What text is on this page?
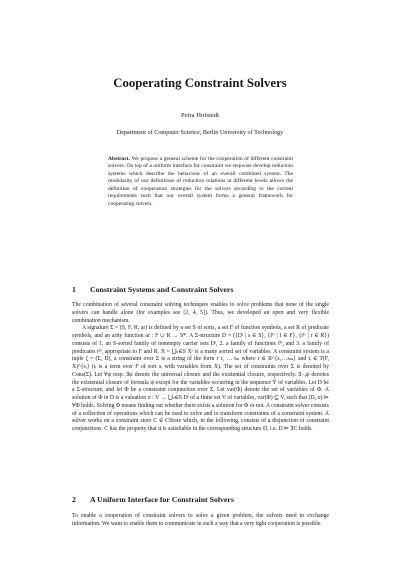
Cooperating Constraint Solvers
Petra Hofstedt
Department of Computer Science, Berlin University of Technology
Abstract. We propose a general scheme for the cooperation of different constraint solvers. On top of a uniform interface for constraint we stepwise develop reduction systems which describe the behaviour of an overall combined system. The modularity of our definitions of reduction relations at different levels allows the definition of cooperation strategies for the solvers according to the current requirements such that our overall system forms a general framework for cooperating solvers.
1 Constraint Systems and Constraint Solvers

The combination of several constraint solving techniques enables to solve problems that none of the single solvers can handle alone (for examples see [2, 4, 5]). Thus, we developed an open and very flexible combination mechanism.

A signature Σ = (S, F, R; ar) is defined by a set S of sorts, a set F of function symbols, a set R of predicate symbols, and an arity function ar : F ∪ R → S*. A Σ-structure D = ({Dˢ | s ∈ S}, {fᴰ | f ∈ F}, {rᴰ | r ∈ R}) consists of 1. an S-sorted family of nonempty carrier sets Dˢ, 2. a family of functions fᴰ, and 3. a family of predicates rᴰ, appropriate to F and R. X = ⋃ₛ∈S Xˢ is a many sorted set of variables. A constraint system is a tuple ζ = (Σ, D), a constraint over Σ is a string of the form r t₁ … tₘ where r ∈ R^{s₁…sₘ} and tᵢ ∈ T(F, X)^{sᵢ} (tᵢ is a term over F of sort sᵢ with variables from X). The set of constraints over Σ is denoted by Cons(Σ). Let ∀ψ resp. ∃ψ denote the universal closure and the existential closure, respectively. ∃₋ᵧψ denotes the existential closure of formula ψ except for the variables occurring in the sequence Ỹ of variables. Let D be a Σ-structure, and let Φ be a constraint conjunction over Σ. Let var(Φ) denote the set of variables of Φ. A solution of Φ in D is a valuation σ : V → ⋃ₛ∈S Dˢ of a finite set V of variables, var(Φ) ⊆ V, such that (D, σ) ⊨ ∀Φ holds. Solving Φ means finding out whether there exists a solution for Φ or not. A constraint solver consists of a collection of operations which can be used to solve and to transform constraints of a constraint system. A solver works on a constraint store C ∈ CStore which, in the following, consists of a disjunction of constraint conjunctions. C has the property that it is satisfiable in the corresponding structure D, i.e. D ⊨ ∃C holds.

2 A Uniform Interface for Constraint Solvers

To enable a cooperation of constraint solvers to solve a given problem, the solvers need to exchange information. We want to enable them to communicate in such a way that a very tight cooperation is possible.
